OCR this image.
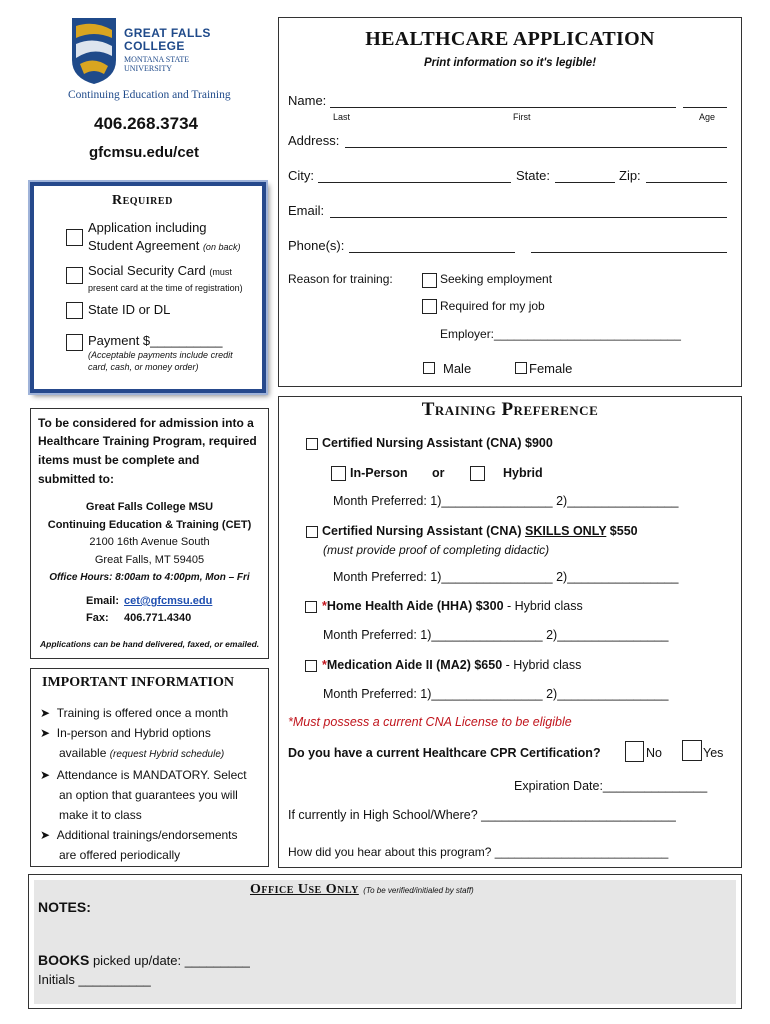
GREAT FALLS
COLLEGE
MONTANA STATE
UNIVERSITY
Continuing Education and Training
406.268.3734
gfcmsu.edu/cet
Required
Application including
Student Agreement (on back)
Social Security Card (must
present card at the time of registration)
State ID or DL
Payment $__________
(Acceptable payments include credit
card, cash, or money order)
To be considered for admission into a
Healthcare Training Program, required
items must be complete and
submitted to:
Great Falls College MSU
Continuing Education & Training (CET)
2100 16th Avenue South
Great Falls, MT 59405
Office Hours: 8:00am to 4:00pm, Mon – Fri
Email: cet@gfcmsu.edu
Fax: 406.771.4340
Applications can be hand delivered, faxed, or emailed.
IMPORTANT INFORMATION
➤  Training is offered once a month
➤  In-person and Hybrid options
available (request Hybrid schedule)
➤  Attendance is MANDATORY. Select
an option that guarantees you will
make it to class
➤  Additional trainings/endorsements
are offered periodically
HEALTHCARE APPLICATION
Print information so it's legible!
Name:
Last	First	Age
Address:
City:	State:	Zip:
Email:
Phone(s):
Reason for training:	Seeking employment
Required for my job
Employer:____________________________
Male	Female
Training Preference
Certified Nursing Assistant (CNA) $900
In-Person or	Hybrid
Month Preferred: 1)________________ 2)________________
Certified Nursing Assistant (CNA) SKILLS ONLY $550
(must provide proof of completing didactic)
Month Preferred: 1)________________ 2)________________
*Home Health Aide (HHA) $300 - Hybrid class
Month Preferred: 1)________________ 2)________________
*Medication Aide II (MA2) $650 - Hybrid class
Month Preferred: 1)________________ 2)________________
*Must possess a current CNA License to be eligible
Do you have a current Healthcare CPR Certification?	No	Yes
Expiration Date:_______________
If currently in High School/Where? ____________________________
How did you hear about this program? __________________________
Office Use Only (To be verified/initialed by staff)
NOTES:
BOOKS picked up/date: _________
Initials __________
